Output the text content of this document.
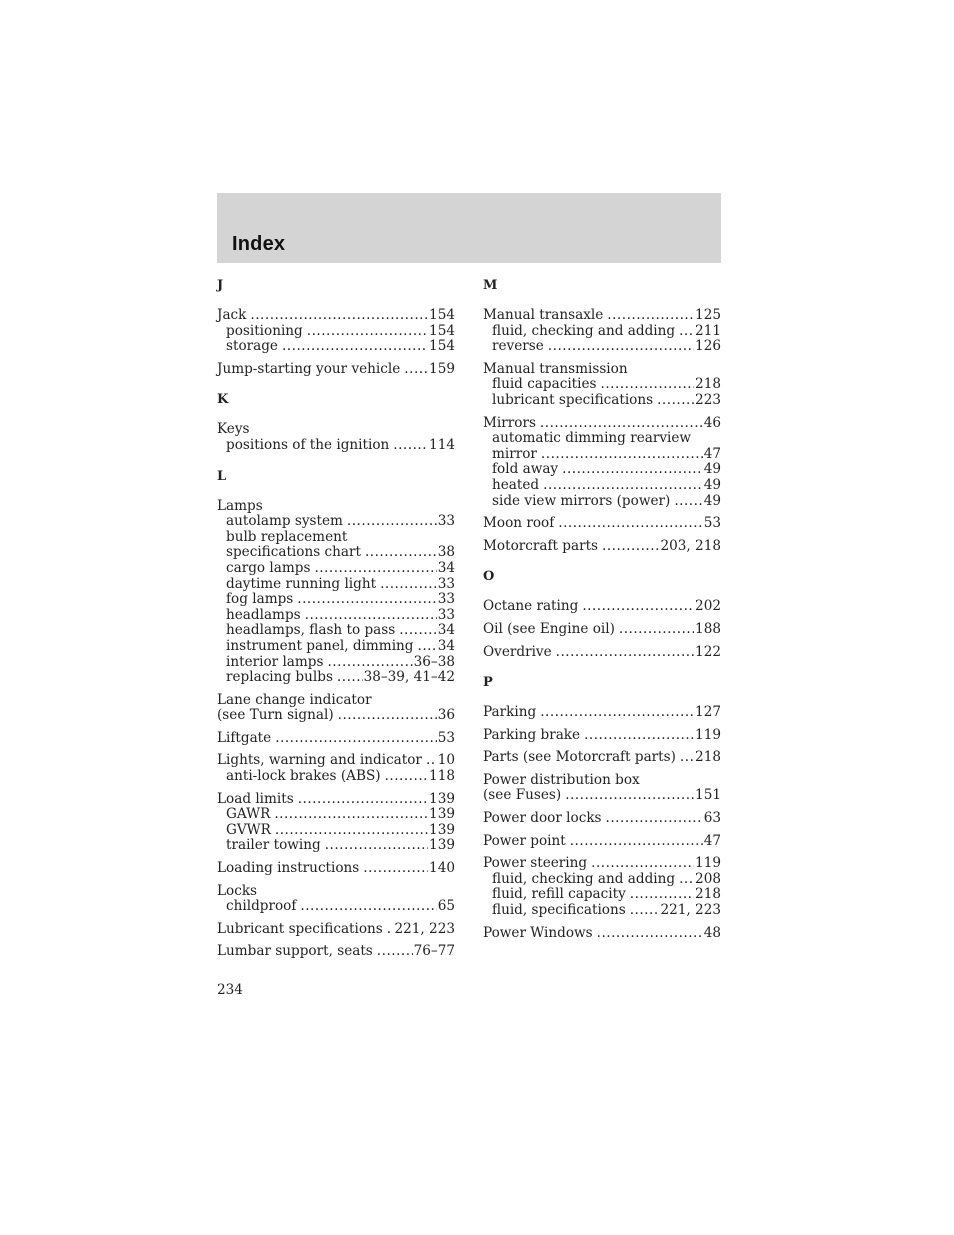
Index
J
Jack .....	154
positioning .....	154
storage .....	154
Jump-starting your vehicle ..... 159
K
Keys
positions of the ignition .....	114
L
Lamps
autolamp system .....	33
bulb replacement
specifications chart .....	38
cargo lamps .....	34
daytime running light .....	33
fog lamps .....	33
headlamps .....	33
headlamps, flash to pass .....	34
instrument panel, dimming ..... 34
interior lamps .....	36–38
replacing bulbs ..... 38–39, 41–42
Lane change indicator
(see Turn signal) .....	36
Liftgate .....	53
Lights, warning and indicator ..... 10
anti-lock brakes (ABS) .....	118
Load limits .....	139
GAWR .....	139
GVWR .....	139
trailer towing .....	139
Loading instructions .....	140
Locks
childproof .....	65
Lubricant specifications ..... 221, 223
Lumbar support, seats .....	76–77
M
Manual transaxle .....	125
fluid, checking and adding ..... 211
reverse .....	126
Manual transmission
fluid capacities .....	218
lubricant specifications .....	223
Mirrors .....	46
automatic dimming rearview
mirror .....	47
fold away .....	49
heated .....	49
side view mirrors (power) ..... 49
Moon roof .....	53
Motorcraft parts .....	203, 218
O
Octane rating .....	202
Oil (see Engine oil) .....	188
Overdrive .....	122
P
Parking .....	127
Parking brake .....	119
Parts (see Motorcraft parts) ..... 218
Power distribution box
(see Fuses) .....	151
Power door locks .....	63
Power point .....	47
Power steering .....	119
fluid, checking and adding ..... 208
fluid, refill capacity .....	218
fluid, specifications .....	221, 223
Power Windows .....	48
234
